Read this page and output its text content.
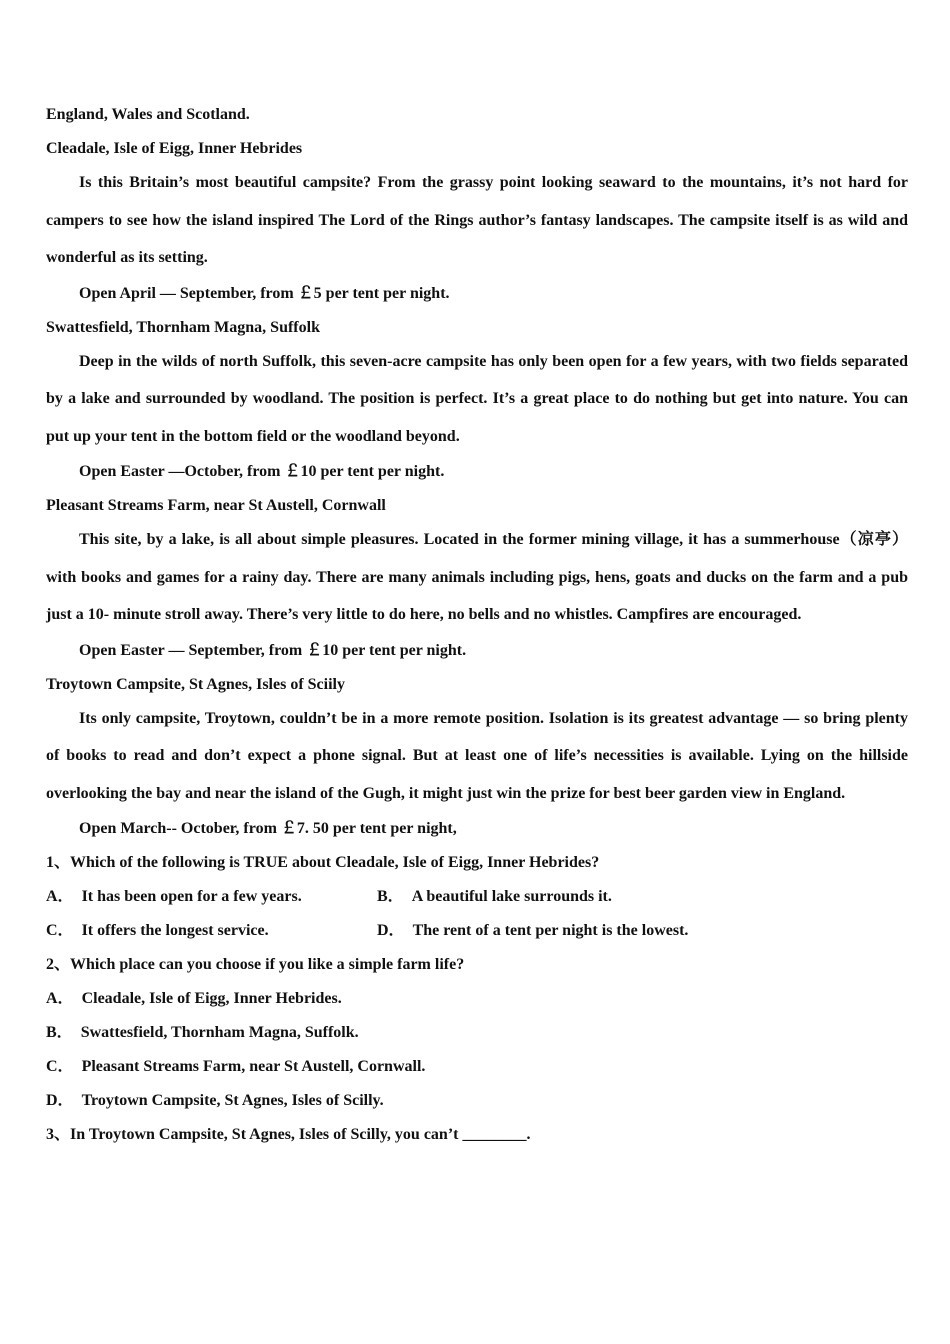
England, Wales and Scotland.

Cleadale, Isle of Eigg, Inner Hebrides

Is this Britain’s most beautiful campsite? From the grassy point looking seaward to the mountains, it’s not hard for campers to see how the island inspired The Lord of the Rings author’s fantasy landscapes. The campsite itself is as wild and wonderful as its setting.

Open April — September, from ￡5 per tent per night.

Swattesfield, Thornham Magna, Suffolk

Deep in the wilds of north Suffolk, this seven-acre campsite has only been open for a few years, with two fields separated by a lake and surrounded by woodland. The position is perfect. It’s a great place to do nothing but get into nature. You can put up your tent in the bottom field or the woodland beyond.

Open Easter —October, from ￡10 per tent per night.

Pleasant Streams Farm, near St Austell, Cornwall

This site, by a lake, is all about simple pleasures. Located in the former mining village, it has a summerhouse（凉亭）with books and games for a rainy day. There are many animals including pigs, hens, goats and ducks on the farm and a pub just a 10- minute stroll away. There’s very little to do here, no bells and no whistles. Campfires are encouraged.

Open Easter — September, from ￡10 per tent per night.

Troytown Campsite, St Agnes, Isles of Sciily

Its only campsite, Troytown, couldn’t be in a more remote position. Isolation is its greatest advantage — so bring plenty of books to read and don’t expect a phone signal. But at least one of life’s necessities is available. Lying on the hillside overlooking the bay and near the island of the Gugh, it might just win the prize for best beer garden view in England.

Open March-- October, from ￡7. 50 per tent per night,

1、Which of the following is TRUE about Cleadale, Isle of Eigg, Inner Hebrides?

A． It has been open for a few years.	B． A beautiful lake surrounds it.
C． It offers the longest service.	D． The rent of a tent per night is the lowest.

2、Which place can you choose if you like a simple farm life?

A． Cleadale, Isle of Eigg, Inner Hebrides.
B． Swattesfield, Thornham Magna, Suffolk.
C． Pleasant Streams Farm, near St Austell, Cornwall.
D． Troytown Campsite, St Agnes, Isles of Scilly.

3、In Troytown Campsite, St Agnes, Isles of Scilly, you can’t ________.
